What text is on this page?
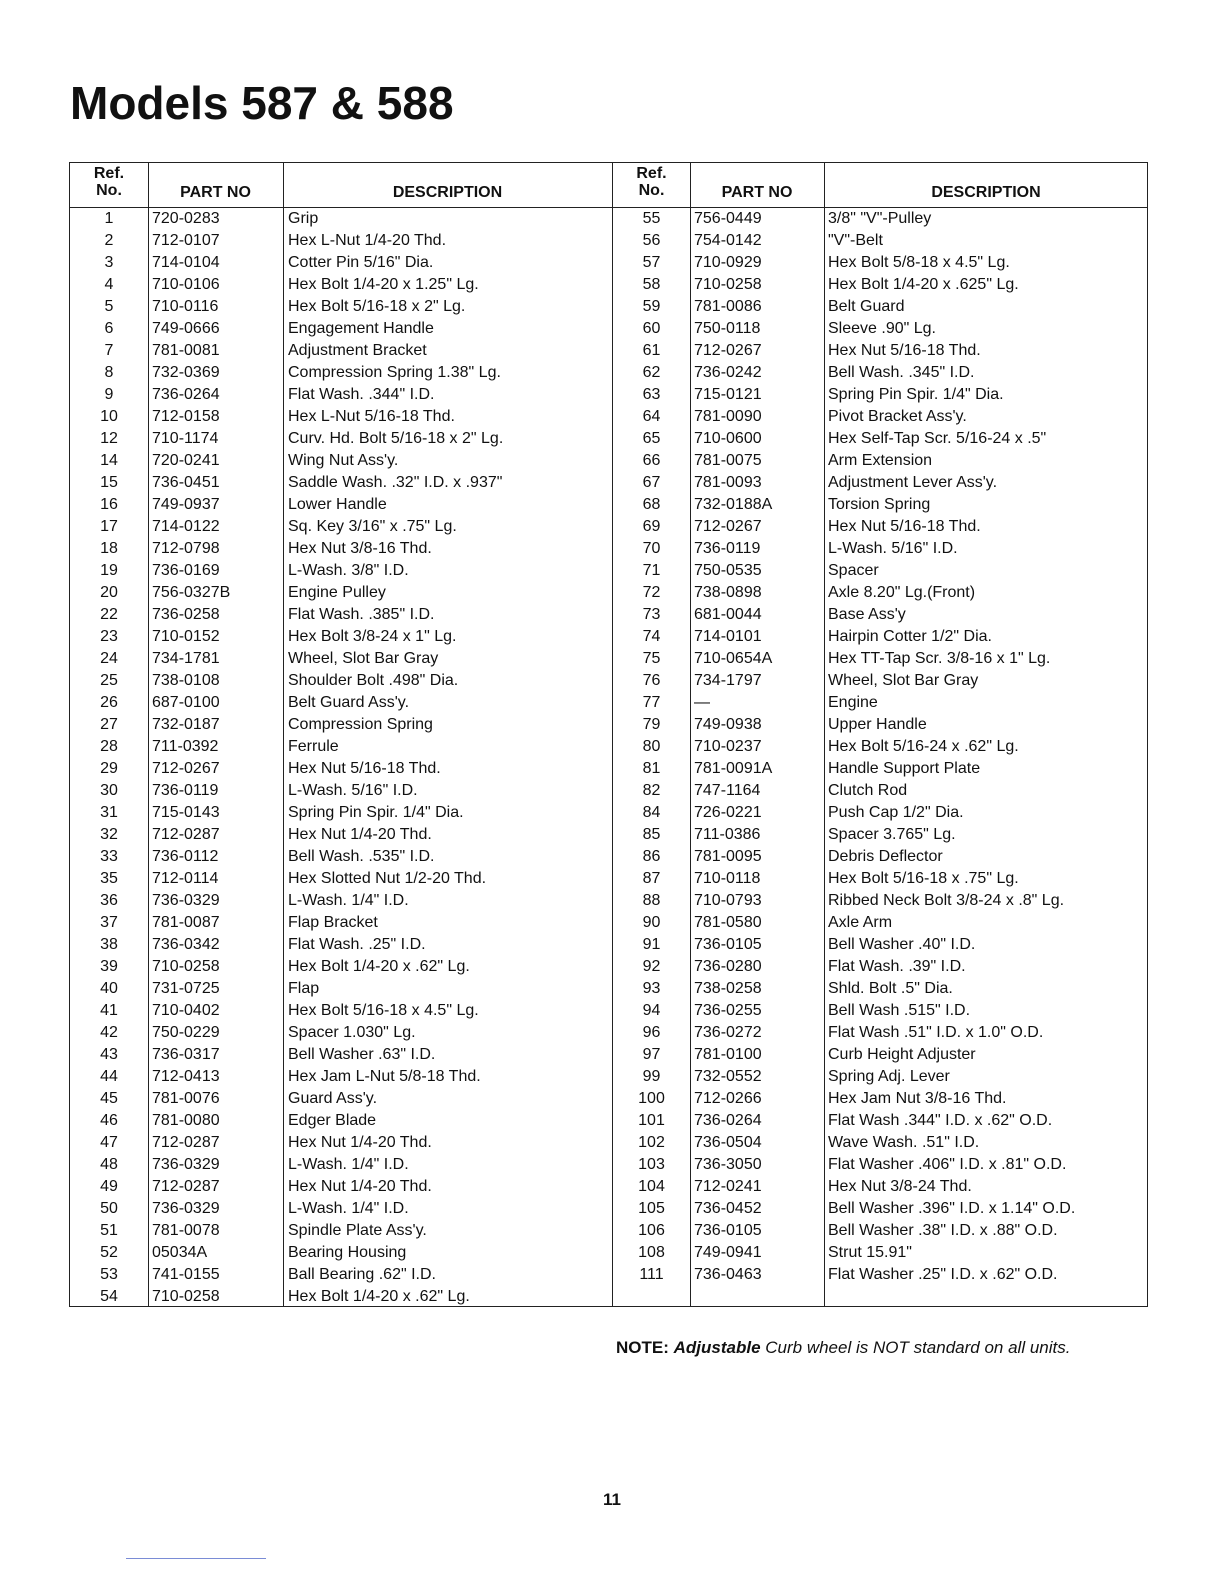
Models 587 & 588
Ref.
No.	PART NO	DESCRIPTION
1	720-0283	Grip
2	712-0107	Hex L-Nut 1/4-20 Thd.
3	714-0104	Cotter Pin 5/16" Dia.
4	710-0106	Hex Bolt 1/4-20 x 1.25" Lg.
5	710-0116	Hex Bolt 5/16-18 x 2" Lg.
6	749-0666	Engagement Handle
7	781-0081	Adjustment Bracket
8	732-0369	Compression Spring 1.38" Lg.
9	736-0264	Flat Wash. .344" I.D.
10	712-0158	Hex L-Nut 5/16-18 Thd.
12	710-1174	Curv. Hd. Bolt 5/16-18 x 2" Lg.
14	720-0241	Wing Nut Ass'y.
15	736-0451	Saddle Wash. .32" I.D. x .937"
16	749-0937	Lower Handle
17	714-0122	Sq. Key 3/16" x .75" Lg.
18	712-0798	Hex Nut 3/8-16 Thd.
19	736-0169	L-Wash. 3/8" I.D.
20	756-0327B	Engine Pulley
22	736-0258	Flat Wash. .385" I.D.
23	710-0152	Hex Bolt 3/8-24 x 1" Lg.
24	734-1781	Wheel, Slot Bar Gray
25	738-0108	Shoulder Bolt .498" Dia.
26	687-0100	Belt Guard Ass'y.
27	732-0187	Compression Spring
28	711-0392	Ferrule
29	712-0267	Hex Nut 5/16-18 Thd.
30	736-0119	L-Wash. 5/16" I.D.
31	715-0143	Spring Pin Spir. 1/4" Dia.
32	712-0287	Hex Nut 1/4-20 Thd.
33	736-0112	Bell Wash. .535" I.D.
35	712-0114	Hex Slotted Nut 1/2-20 Thd.
36	736-0329	L-Wash. 1/4" I.D.
37	781-0087	Flap Bracket
38	736-0342	Flat Wash. .25" I.D.
39	710-0258	Hex Bolt 1/4-20 x .62" Lg.
40	731-0725	Flap
41	710-0402	Hex Bolt 5/16-18 x 4.5" Lg.
42	750-0229	Spacer 1.030" Lg.
43	736-0317	Bell Washer .63" I.D.
44	712-0413	Hex Jam L-Nut 5/8-18 Thd.
45	781-0076	Guard Ass'y.
46	781-0080	Edger Blade
47	712-0287	Hex Nut 1/4-20 Thd.
48	736-0329	L-Wash. 1/4" I.D.
49	712-0287	Hex Nut 1/4-20 Thd.
50	736-0329	L-Wash. 1/4" I.D.
51	781-0078	Spindle Plate Ass'y.
52	05034A	Bearing Housing
53	741-0155	Ball Bearing .62" I.D.
54	710-0258	Hex Bolt 1/4-20 x .62" Lg.
Ref.
No.	PART NO	DESCRIPTION
55	756-0449	3/8" "V"-Pulley
56	754-0142	"V"-Belt
57	710-0929	Hex Bolt 5/8-18 x 4.5" Lg.
58	710-0258	Hex Bolt 1/4-20 x .625" Lg.
59	781-0086	Belt Guard
60	750-0118	Sleeve .90" Lg.
61	712-0267	Hex Nut 5/16-18 Thd.
62	736-0242	Bell Wash. .345" I.D.
63	715-0121	Spring Pin Spir. 1/4" Dia.
64	781-0090	Pivot Bracket Ass'y.
65	710-0600	Hex Self-Tap Scr. 5/16-24 x .5"
66	781-0075	Arm Extension
67	781-0093	Adjustment Lever Ass'y.
68	732-0188A	Torsion Spring
69	712-0267	Hex Nut 5/16-18 Thd.
70	736-0119	L-Wash. 5/16" I.D.
71	750-0535	Spacer
72	738-0898	Axle 8.20" Lg.(Front)
73	681-0044	Base Ass'y
74	714-0101	Hairpin Cotter 1/2" Dia.
75	710-0654A	Hex TT-Tap Scr. 3/8-16 x 1" Lg.
76	734-1797	Wheel, Slot Bar Gray
77	—	Engine
79	749-0938	Upper Handle
80	710-0237	Hex Bolt 5/16-24 x .62" Lg.
81	781-0091A	Handle Support Plate
82	747-1164	Clutch Rod
84	726-0221	Push Cap 1/2" Dia.
85	711-0386	Spacer 3.765" Lg.
86	781-0095	Debris Deflector
87	710-0118	Hex Bolt 5/16-18 x .75" Lg.
88	710-0793	Ribbed Neck Bolt 3/8-24 x .8" Lg.
90	781-0580	Axle Arm
91	736-0105	Bell Washer .40" I.D.
92	736-0280	Flat Wash. .39" I.D.
93	738-0258	Shld. Bolt .5" Dia.
94	736-0255	Bell Wash .515" I.D.
96	736-0272	Flat Wash .51" I.D. x 1.0" O.D.
97	781-0100	Curb Height Adjuster
99	732-0552	Spring Adj. Lever
100	712-0266	Hex Jam Nut 3/8-16 Thd.
101	736-0264	Flat Wash .344" I.D. x .62" O.D.
102	736-0504	Wave Wash. .51" I.D.
103	736-3050	Flat Washer .406" I.D. x .81" O.D.
104	712-0241	Hex Nut 3/8-24 Thd.
105	736-0452	Bell Washer .396" I.D. x 1.14" O.D.
106	736-0105	Bell Washer .38" I.D. x .88" O.D.
108	749-0941	Strut 15.91"
111	736-0463	Flat Washer .25" I.D. x .62" O.D.

NOTE: Adjustable Curb wheel is NOT standard on all units.

11
